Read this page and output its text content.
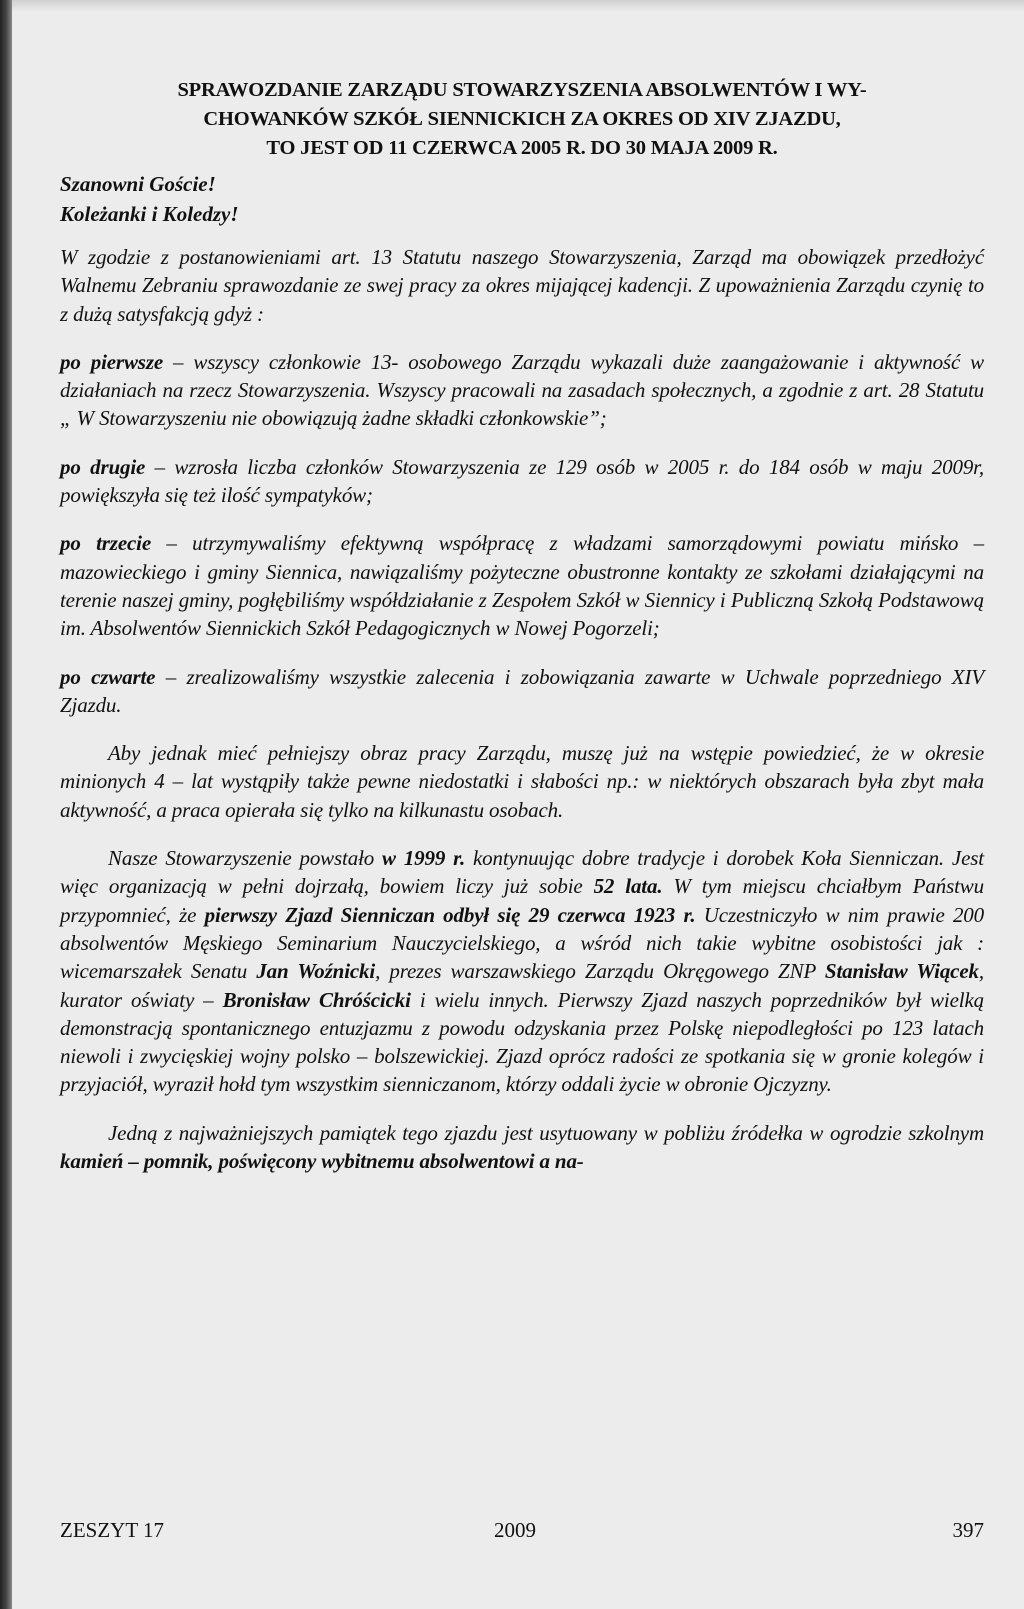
SPRAWOZDANIE ZARZĄDU STOWARZYSZENIA ABSOLWENTÓW I WY-
CHOWANKÓW SZKÓŁ SIENNICKICH ZA OKRES OD XIV ZJAZDU,
TO JEST OD 11 CZERWCA 2005 R. DO 30 MAJA 2009 R.

Szanowni Goście!

Koleżanki i Koledzy!

W zgodzie z postanowieniami art. 13 Statutu naszego Stowarzyszenia, Zarząd ma obowiązek przedłożyć Walnemu Zebraniu sprawozdanie ze swej pracy za okres mijającej kadencji. Z upoważnienia Zarządu czynię to z dużą satysfakcją gdyż :

po pierwsze – wszyscy członkowie 13- osobowego Zarządu wykazali duże zaangażowanie i aktywność w działaniach na rzecz Stowarzyszenia. Wszyscy pracowali na zasadach społecznych, a zgodnie z art. 28 Statutu „ W Stowarzyszeniu nie obowiązują żadne składki członkowskie”;

po drugie – wzrosła liczba członków Stowarzyszenia ze 129 osób w 2005 r. do 184 osób w maju 2009r, powiększyła się też ilość sympatyków;

po trzecie – utrzymywaliśmy efektywną współpracę z władzami samorządowymi powiatu mińsko – mazowieckiego i gminy Siennica, nawiązaliśmy pożyteczne obustronne kontakty ze szkołami działającymi na terenie naszej gminy, pogłębiliśmy współdziałanie z Zespołem Szkół w Siennicy i Publiczną Szkołą Podstawową im. Absolwentów Siennickich Szkół Pedagogicznych w Nowej Pogorzeli;

po czwarte – zrealizowaliśmy wszystkie zalecenia i zobowiązania zawarte w Uchwale poprzedniego XIV Zjazdu.

Aby jednak mieć pełniejszy obraz pracy Zarządu, muszę już na wstępie powiedzieć, że w okresie minionych 4 – lat wystąpiły także pewne niedostatki i słabości np.: w niektórych obszarach była zbyt mała aktywność, a praca opierała się tylko na kilkunastu osobach.

Nasze Stowarzyszenie powstało w 1999 r. kontynuując dobre tradycje i dorobek Koła Sienniczan. Jest więc organizacją w pełni dojrzałą, bowiem liczy już sobie 52 lata. W tym miejscu chciałbym Państwu przypomnieć, że pierwszy Zjazd Sienniczan odbył się 29 czerwca 1923 r. Uczestniczyło w nim prawie 200 absolwentów Męskiego Seminarium Nauczycielskiego, a wśród nich takie wybitne osobistości jak : wicemarszałek Senatu Jan Woźnicki, prezes warszawskiego Zarządu Okręgowego ZNP Stanisław Wiącek, kurator oświaty – Bronisław Chróścicki i wielu innych. Pierwszy Zjazd naszych poprzedników był wielką demonstracją spontanicznego entuzjazmu z powodu odzyskania przez Polskę niepodległości po 123 latach niewoli i zwycięskiej wojny polsko – bolszewickiej. Zjazd oprócz radości ze spotkania się w gronie kolegów i przyjaciół, wyraził hołd tym wszystkim sienniczanom, którzy oddali życie w obronie Ojczyzny.

Jedną z najważniejszych pamiątek tego zjazdu jest usytuowany w pobliżu źródełka w ogrodzie szkolnym kamień – pomnik, poświęcony wybitnemu absolwentowi a na-

ZESZYT 17	2009	397
